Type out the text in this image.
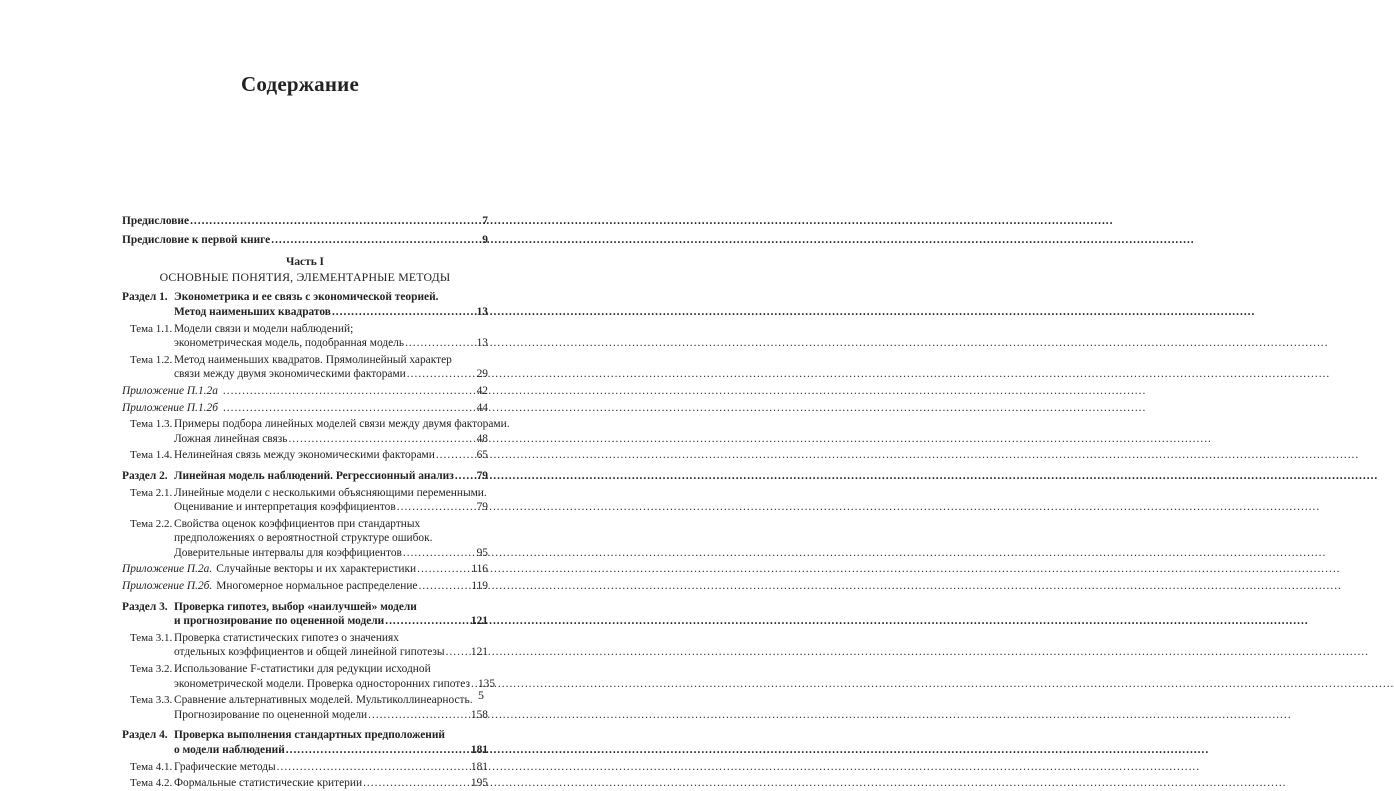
Содержание
Предисловие .....	7
Предисловие к первой книге .....	9
Часть I
ОСНОВНЫЕ ПОНЯТИЯ, ЭЛЕМЕНТАРНЫЕ МЕТОДЫ
Раздел 1. Эконометрика и ее связь с экономической теорией.
Метод наименьших квадратов .....	13
Тема 1.1. Модели связи и модели наблюдений;
эконометрическая модель, подобранная модель .....	13
Тема 1.2. Метод наименьших квадратов. Прямолинейный характер
связи между двумя экономическими факторами .....	29
Приложение П.1.2а .....	42
Приложение П.1.2б .....	44
Тема 1.3. Примеры подбора линейных моделей связи между двумя факторами.
Ложная линейная связь .....	48
Тема 1.4. Нелинейная связь между экономическими факторами .....	65
Раздел 2. Линейная модель наблюдений. Регрессионный анализ ..... 79
Тема 2.1. Линейные модели с несколькими объясняющими переменными.
Оценивание и интерпретация коэффициентов .....	79
Тема 2.2. Свойства оценок коэффициентов при стандартных
предположениях о вероятностной структуре ошибок.
Доверительные интервалы для коэффициентов .....	95
Приложение П.2а. Случайные векторы и их характеристики .....	116
Приложение П.2б. Многомерное нормальное распределение .....	119
Раздел 3. Проверка гипотез, выбор «наилучшей» модели
и прогнозирование по оцененной модели .....	121
Тема 3.1. Проверка статистических гипотез о значениях
отдельных коэффициентов и общей линейной гипотезы ..... 121
Тема 3.2. Использование F-статистики для редукции исходной
эконометрической модели. Проверка односторонних гипотез ..... 135
Тема 3.3. Сравнение альтернативных моделей. Мультиколлинеарность.
Прогнозирование по оцененной модели .....	158
Раздел 4. Проверка выполнения стандартных предположений
о модели наблюдений .....	181
Тема 4.1. Графические методы .....	181
Тема 4.2. Формальные статистические критерии .....	195
5
